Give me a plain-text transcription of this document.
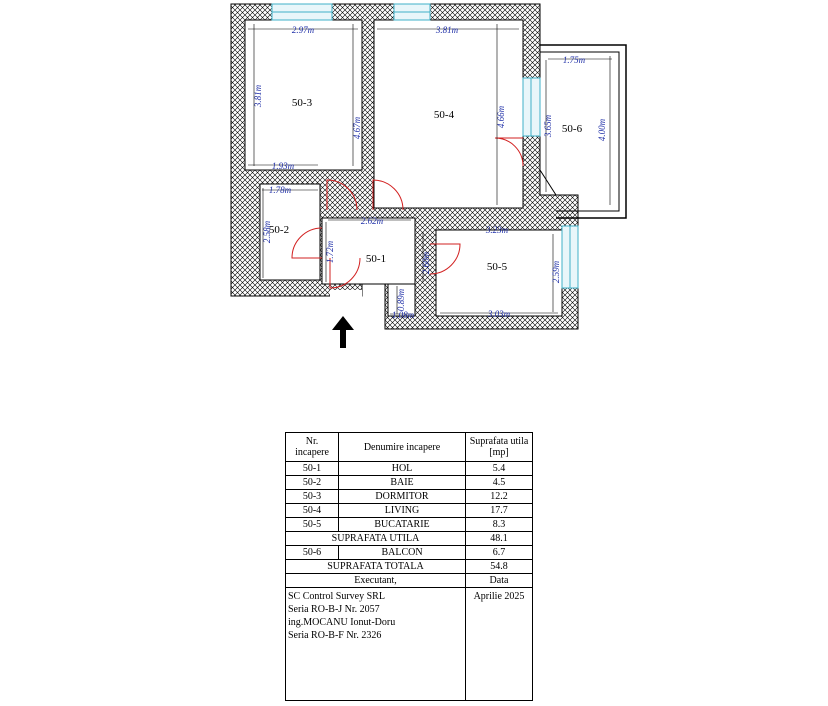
50-3
50-4
50-6
50-2
50-1
50-5
2.97m	3.81m
1.75m
3.81m
4.67m	4.66m	3.65m	4.00m
1.93m
1.78m
2.62m
3.23m
2.58m
1.72m	2.60m	2.59m
0.89m
1.08m	3.03m
Nr. incapere	Denumire incapere	Suprafata utila [mp]
50-1	HOL	5.4
50-2	BAIE	4.5
50-3	DORMITOR	12.2
50-4	LIVING	17.7
50-5	BUCATARIE	8.3
SUPRAFATA UTILA		48.1
50-6	BALCON	6.7
SUPRAFATA TOTALA		54.8
Executant,		Data

SC Control Survey SRL
Seria RO-B-J Nr. 2057
ing.MOCANU Ionut-Doru
Seria RO-B-F Nr. 2326		Aprilie 2025
